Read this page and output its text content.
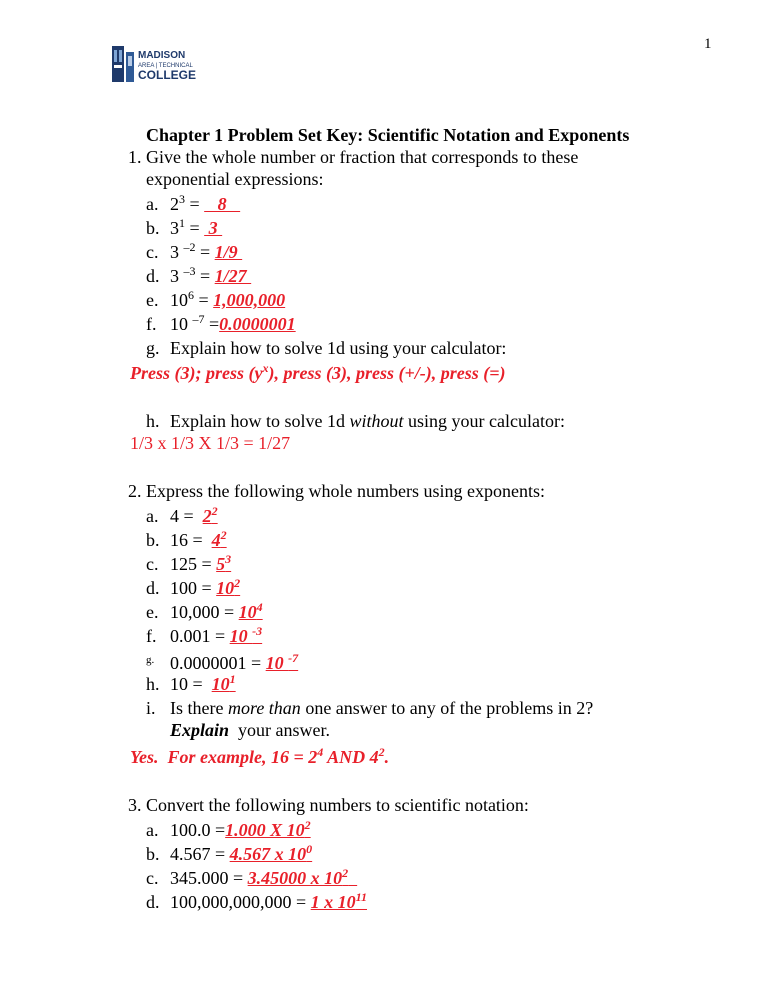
1
MADISON
AREA | TECHNICAL
COLLEGE
Chapter 1 Problem Set Key: Scientific Notation and Exponents
1. Give the whole number or fraction that corresponds to these
exponential expressions:
a. $2^3$ =    8
b. $3^1 = 3$
c. 3 $^{-2}$ = 1/9
d. 3 $^{-3}$ = 1/27
e. $10^6 = 1,000,000$
f. 10 $^{-7}$ =0.0000001
g. Explain how to solve 1d using your calculator:
Press (3); press $(y^x)$, press (3), press (+/-), press (=)
h. Explain how to solve 1d without using your calculator:
1/3 x 1/3 X 1/3 = 1/27
2. Express the following whole numbers using exponents:
a. $4 = 2^2$
b. $16 = 4^2$
c. $125 = 5^3$
d. $100 = 10^2$
e. $10,000 = 10^4$
f. 0.001 = 10 $^{-3}$
g. 0.0000001 = 10 $^{-7}$
h. $10 = 10^1$
i. Is there more than one answer to any of the problems in 2?
Explain  your answer.
Yes.  For example, $16 = 2^4$ AND $4^2$.
3. Convert the following numbers to scientific notation:
a. 100.0 =1.000 X $10^2$
b. 4.567 = 4.567 x $10^0$
c. 345.000 = 3.45000 x $10^2$
d. 100,000,000,000 = 1 x $10^{11}$
